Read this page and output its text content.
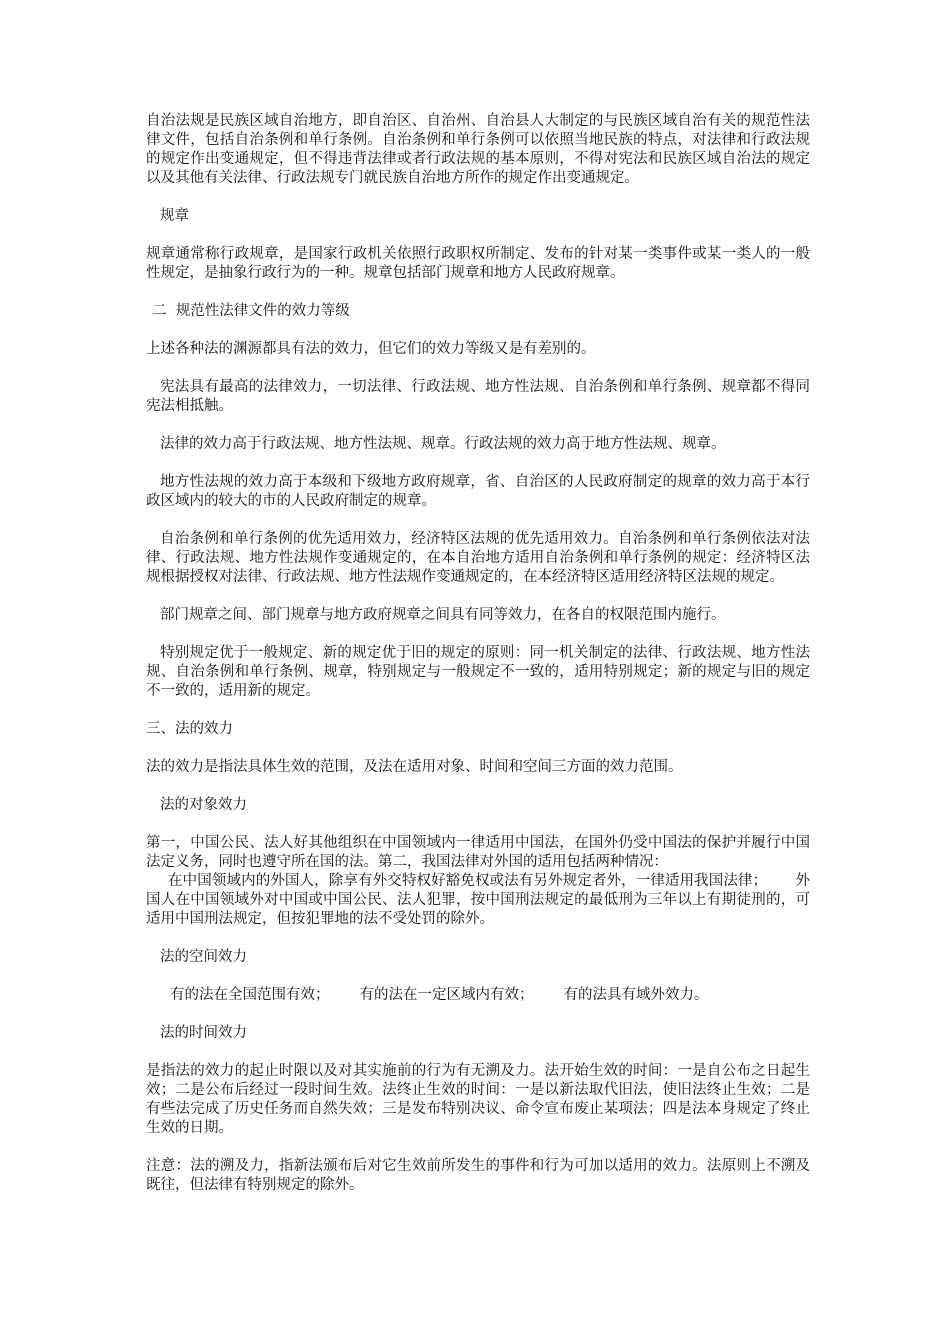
自治法规是民族区域自治地方，即自治区、自治州、自治县人大制定的与民族区域自治有关的规范性法律文件，包括自治条例和单行条例。自治条例和单行条例可以依照当地民族的特点，对法律和行政法规的规定作出变通规定，但不得违背法律或者行政法规的基本原则，不得对宪法和民族区域自治法的规定以及其他有关法律、行政法规专门就民族自治地方所作的规定作出变通规定。

规章

规章通常称行政规章，是国家行政机关依照行政职权所制定、发布的针对某一类事件或某一类人的一般性规定，是抽象行政行为的一种。规章包括部门规章和地方人民政府规章。

二  规范性法律文件的效力等级

上述各种法的渊源都具有法的效力，但它们的效力等级又是有差别的。

宪法具有最高的法律效力，一切法律、行政法规、地方性法规、自治条例和单行条例、规章都不得同宪法相抵触。

法律的效力高于行政法规、地方性法规、规章。行政法规的效力高于地方性法规、规章。

地方性法规的效力高于本级和下级地方政府规章，省、自治区的人民政府制定的规章的效力高于本行政区域内的较大的市的人民政府制定的规章。

自治条例和单行条例的优先适用效力，经济特区法规的优先适用效力。自治条例和单行条例依法对法律、行政法规、地方性法规作变通规定的，在本自治地方适用自治条例和单行条例的规定：经济特区法规根据授权对法律、行政法规、地方性法规作变通规定的，在本经济特区适用经济特区法规的规定。

部门规章之间、部门规章与地方政府规章之间具有同等效力，在各自的权限范围内施行。

特别规定优于一般规定、新的规定优于旧的规定的原则：同一机关制定的法律、行政法规、地方性法规、自治条例和单行条例、规章，特别规定与一般规定不一致的，适用特别规定；新的规定与旧的规定不一致的，适用新的规定。

三、法的效力

法的效力是指法具体生效的范围，及法在适用对象、时间和空间三方面的效力范围。

法的对象效力

第一，中国公民、法人好其他组织在中国领域内一律适用中国法，在国外仍受中国法的保护并履行中国法定义务，同时也遵守所在国的法。第二，我国法律对外国的适用包括两种情况：
在中国领域内的外国人，除享有外交特权好豁免权或法有另外规定者外，一律适用我国法律；      外国人在中国领域外对中国或中国公民、法人犯罪，按中国刑法规定的最低刑为三年以上有期徒刑的，可适用中国刑法规定，但按犯罪地的法不受处罚的除外。

法的空间效力

有的法在全国范围有效； 有的法在一定区域内有效； 有的法具有域外效力。

法的时间效力

是指法的效力的起止时限以及对其实施前的行为有无溯及力。法开始生效的时间：一是自公布之日起生效；二是公布后经过一段时间生效。法终止生效的时间：一是以新法取代旧法，使旧法终止生效；二是有些法完成了历史任务而自然失效；三是发布特别决议、命令宣布废止某项法；四是法本身规定了终止生效的日期。

注意：法的溯及力，指新法颁布后对它生效前所发生的事件和行为可加以适用的效力。法原则上不溯及既往，但法律有特别规定的除外。
